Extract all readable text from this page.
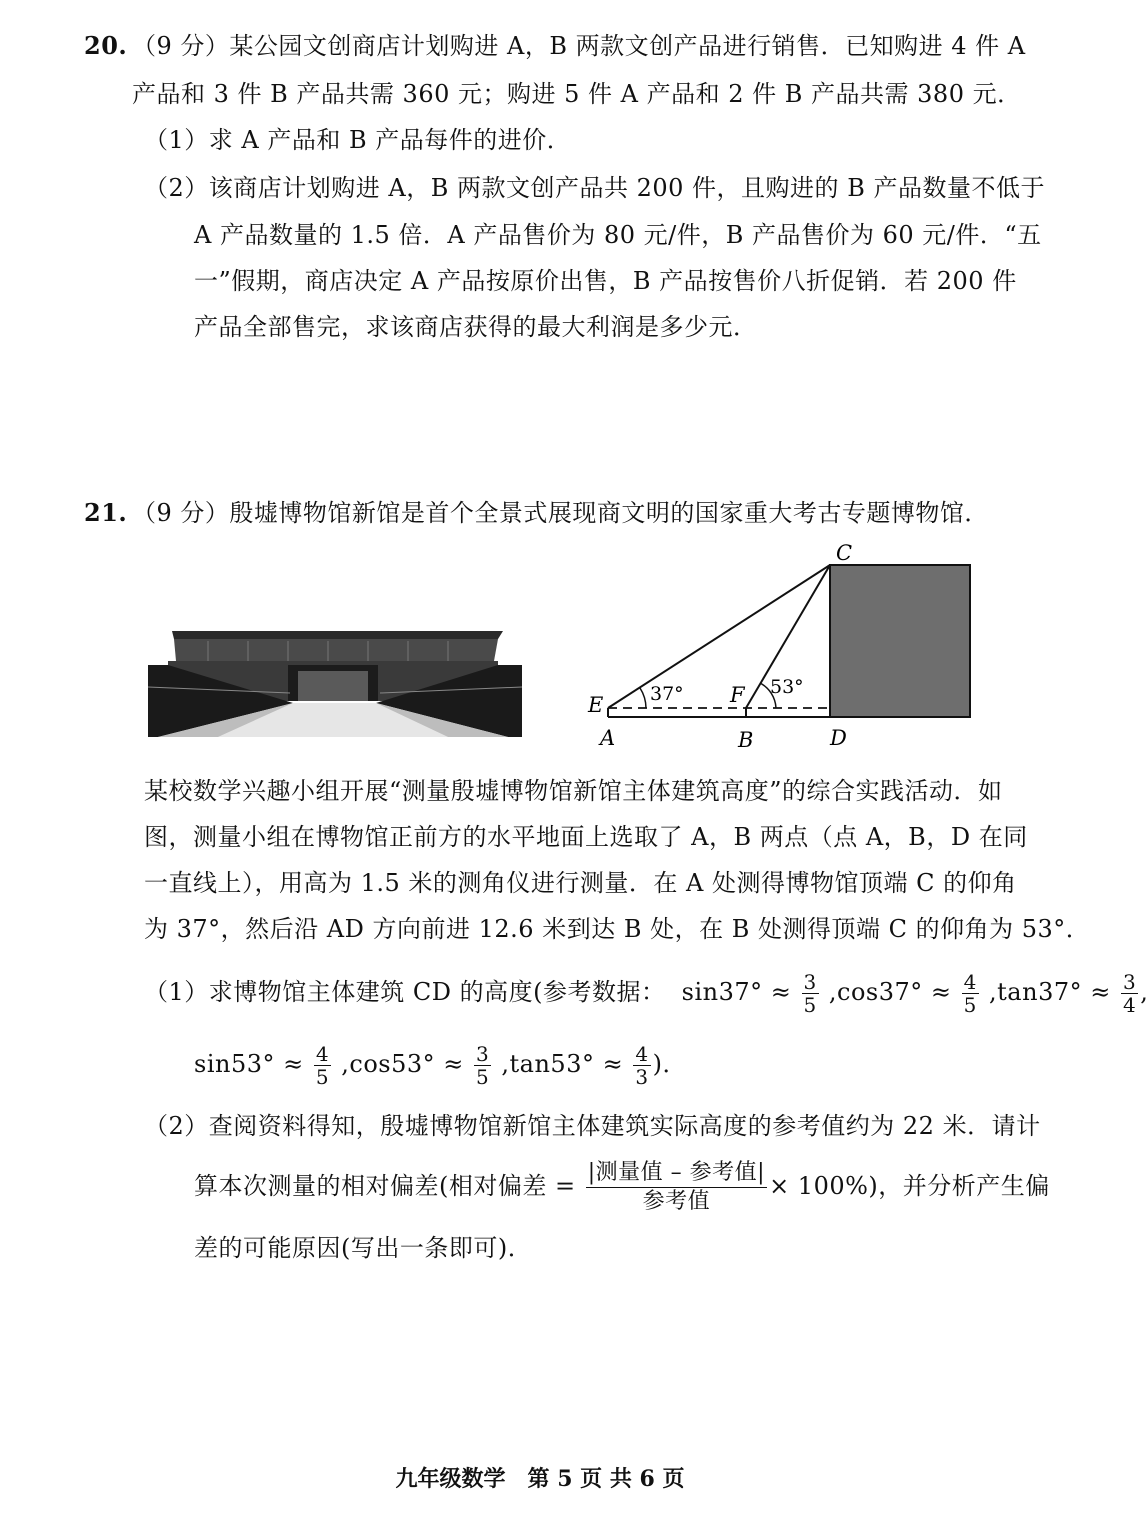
20. （9 分）某公园文创商店计划购进 A，B 两款文创产品进行销售．已知购进 4 件 A
产品和 3 件 B 产品共需 360 元；购进 5 件 A 产品和 2 件 B 产品共需 380 元．
（1）求 A 产品和 B 产品每件的进价．
（2）该商店计划购进 A，B 两款文创产品共 200 件，且购进的 B 产品数量不低于
A 产品数量的 1.5 倍．A 产品售价为 80 元/件，B 产品售价为 60 元/件．“五
一”假期，商店决定 A 产品按原价出售，B 产品按售价八折促销．若 200 件
产品全部售完，求该商店获得的最大利润是多少元．
21. （9 分）殷墟博物馆新馆是首个全景式展现商文明的国家重大考古专题博物馆．
C
E	F
A	B	D
37°	53°
某校数学兴趣小组开展“测量殷墟博物馆新馆主体建筑高度”的综合实践活动．如
图，测量小组在博物馆正前方的水平地面上选取了 A，B 两点（点 A，B，D 在同
一直线上），用高为 1.5 米的测角仪进行测量．在 A 处测得博物馆顶端 C 的仰角
为 37°，然后沿 AD 方向前进 12.6 米到达 B 处，在 B 处测得顶端 C 的仰角为 53°．
（1）求博物馆主体建筑 CD 的高度(参考数据： $\sin 37^\circ \approx \frac{3}{5} ,\cos 37^\circ \approx \frac{4}{5} ,\tan 37^\circ \approx \frac{3}{4}$ ,
$\sin 53^\circ \approx \frac{4}{5} ,\cos 53^\circ \approx \frac{3}{5} ,\tan 53^\circ \approx \frac{4}{3}$ )．
（2）查阅资料得知，殷墟博物馆新馆主体建筑实际高度的参考值约为 22 米．请计
算本次测量的相对偏差(相对偏差 = $\frac{\text{|测量值 – 参考值|}}{\text{参考值}} \times 100\%$)，并分析产生偏
差的可能原因(写出一条即可)．
九年级数学　第 5 页 共 6 页
